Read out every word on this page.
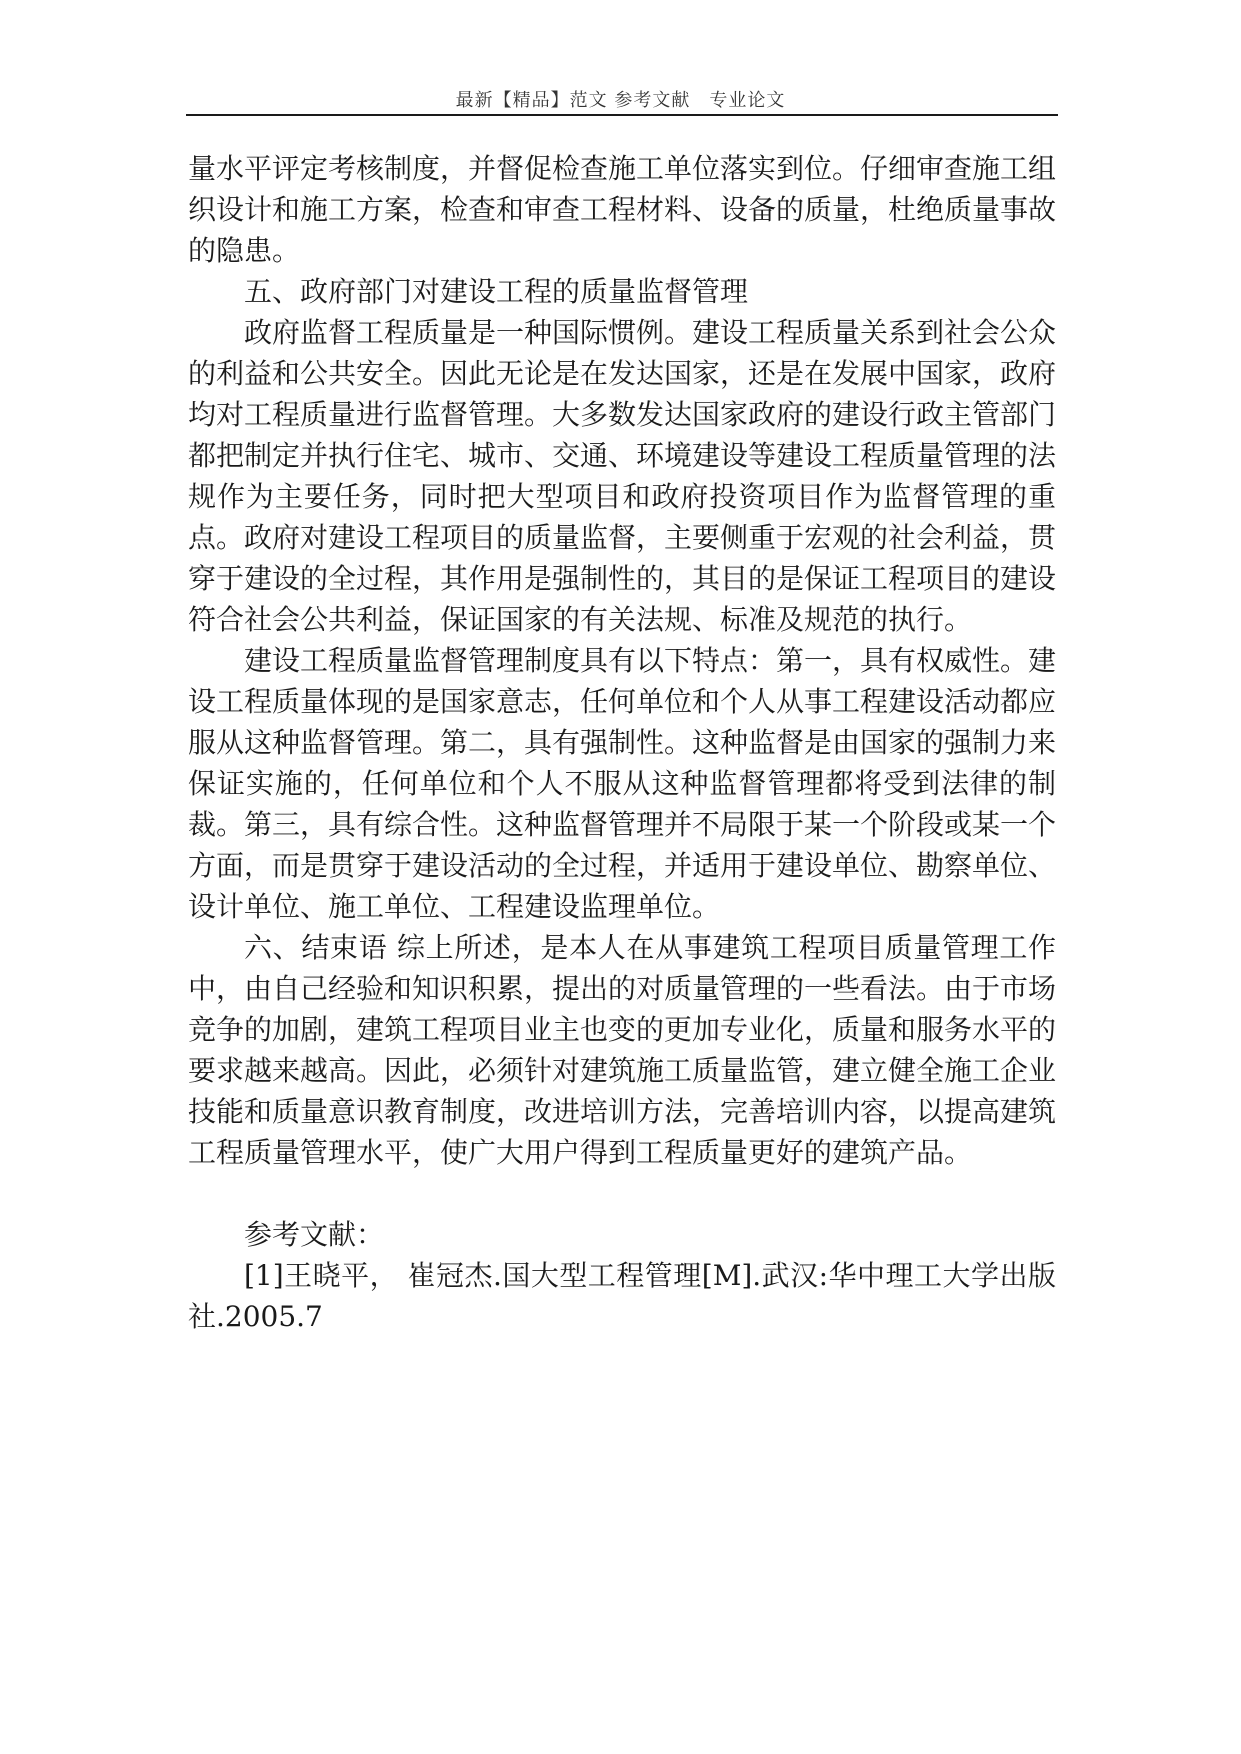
最新【精品】范文 参考文献　专业论文

量水平评定考核制度，并督促检查施工单位落实到位。仔细审查施工组织设计和施工方案，检查和审查工程材料、设备的质量，杜绝质量事故的隐患。

五、政府部门对建设工程的质量监督管理

政府监督工程质量是一种国际惯例。建设工程质量关系到社会公众的利益和公共安全。因此无论是在发达国家，还是在发展中国家，政府均对工程质量进行监督管理。大多数发达国家政府的建设行政主管部门都把制定并执行住宅、城市、交通、环境建设等建设工程质量管理的法规作为主要任务，同时把大型项目和政府投资项目作为监督管理的重点。政府对建设工程项目的质量监督，主要侧重于宏观的社会利益，贯穿于建设的全过程，其作用是强制性的，其目的是保证工程项目的建设符合社会公共利益，保证国家的有关法规、标准及规范的执行。

建设工程质量监督管理制度具有以下特点：第一，具有权威性。建设工程质量体现的是国家意志，任何单位和个人从事工程建设活动都应服从这种监督管理。第二，具有强制性。这种监督是由国家的强制力来保证实施的，任何单位和个人不服从这种监督管理都将受到法律的制裁。第三，具有综合性。这种监督管理并不局限于某一个阶段或某一个方面，而是贯穿于建设活动的全过程，并适用于建设单位、勘察单位、设计单位、施工单位、工程建设监理单位。

六、结束语 综上所述，是本人在从事建筑工程项目质量管理工作中，由自己经验和知识积累，提出的对质量管理的一些看法。由于市场竞争的加剧，建筑工程项目业主也变的更加专业化，质量和服务水平的要求越来越高。因此，必须针对建筑施工质量监管，建立健全施工企业技能和质量意识教育制度，改进培训方法，完善培训内容，以提高建筑工程质量管理水平，使广大用户得到工程质量更好的建筑产品。

参考文献：

[1]王晓平， 崔冠杰.国大型工程管理[M].武汉:华中理工大学出版社.2005.7
